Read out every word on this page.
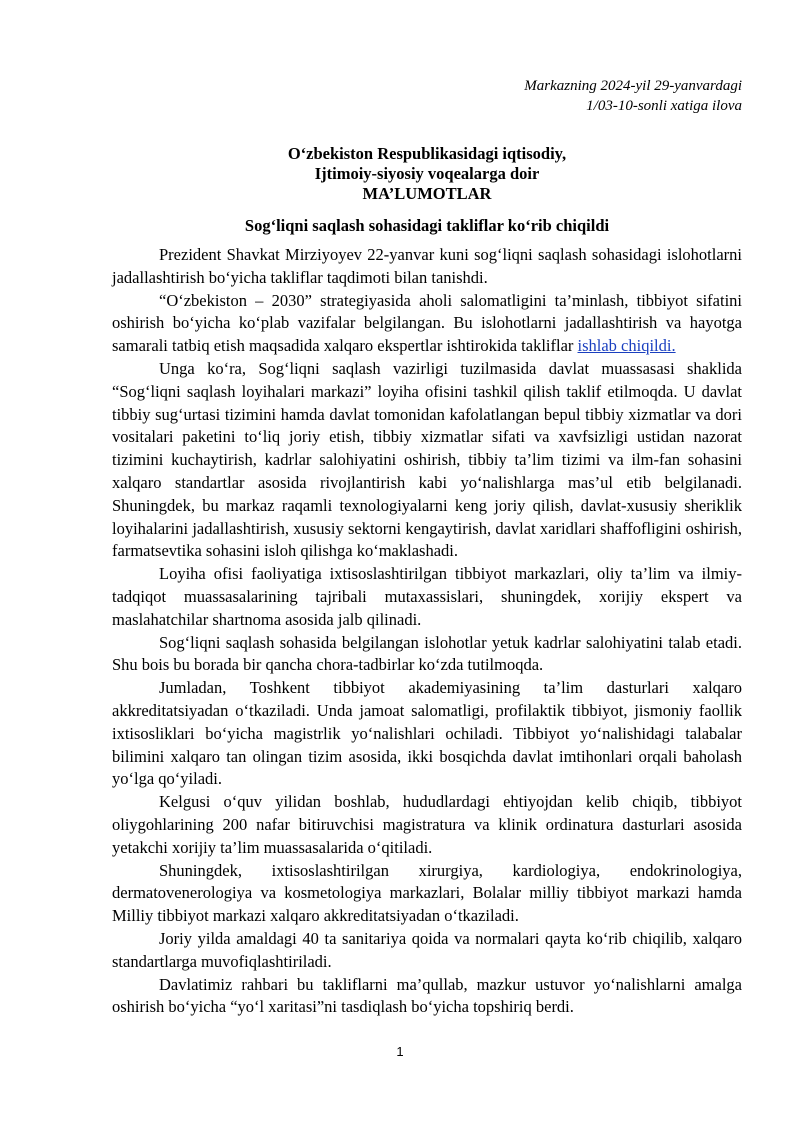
Markazning 2024-yil 29-yanvardagi
1/03-10-sonli xatiga ilova
O‘zbekiston Respublikasidagi iqtisodiy,
Ijtimoiy-siyosiy voqealarga doir
MA’LUMOTLAR
Sog‘liqni saqlash sohasidagi takliflar ko‘rib chiqildi

Prezident Shavkat Mirziyoyev 22-yanvar kuni sog‘liqni saqlash sohasidagi islohotlarni jadallashtirish bo‘yicha takliflar taqdimoti bilan tanishdi.

“O‘zbekiston – 2030” strategiyasida aholi salomatligini ta’minlash, tibbiyot sifatini oshirish bo‘yicha ko‘plab vazifalar belgilangan. Bu islohotlarni jadallashtirish va hayotga samarali tatbiq etish maqsadida xalqaro ekspertlar ishtirokida takliflar ishlab chiqildi.

Unga ko‘ra, Sog‘liqni saqlash vazirligi tuzilmasida davlat muassasasi shaklida “Sog‘liqni saqlash loyihalari markazi” loyiha ofisini tashkil qilish taklif etilmoqda. U davlat tibbiy sug‘urtasi tizimini hamda davlat tomonidan kafolatlangan bepul tibbiy xizmatlar va dori vositalari paketini to‘liq joriy etish, tibbiy xizmatlar sifati va xavfsizligi ustidan nazorat tizimini kuchaytirish, kadrlar salohiyatini oshirish, tibbiy ta’lim tizimi va ilm-fan sohasini xalqaro standartlar asosida rivojlantirish kabi yo‘nalishlarga mas’ul etib belgilanadi. Shuningdek, bu markaz raqamli texnologiyalarni keng joriy qilish, davlat-xususiy sheriklik loyihalarini jadallashtirish, xususiy sektorni kengaytirish, davlat xaridlari shaffofligini oshirish, farmatsevtika sohasini isloh qilishga ko‘maklashadi.

Loyiha ofisi faoliyatiga ixtisoslashtirilgan tibbiyot markazlari, oliy ta’lim va ilmiy-tadqiqot muassasalarining tajribali mutaxassislari, shuningdek, xorijiy ekspert va maslahatchilar shartnoma asosida jalb qilinadi.

Sog‘liqni saqlash sohasida belgilangan islohotlar yetuk kadrlar salohiyatini talab etadi. Shu bois bu borada bir qancha chora-tadbirlar ko‘zda tutilmoqda.

Jumladan, Toshkent tibbiyot akademiyasining ta’lim dasturlari xalqaro akkreditatsiyadan o‘tkaziladi. Unda jamoat salomatligi, profilaktik tibbiyot, jismoniy faollik ixtisosliklari bo‘yicha magistrlik yo‘nalishlari ochiladi. Tibbiyot yo‘nalishidagi talabalar bilimini xalqaro tan olingan tizim asosida, ikki bosqichda davlat imtihonlari orqali baholash yo‘lga qo‘yiladi.

Kelgusi o‘quv yilidan boshlab, hududlardagi ehtiyojdan kelib chiqib, tibbiyot oliygohlarining 200 nafar bitiruvchisi magistratura va klinik ordinatura dasturlari asosida yetakchi xorijiy ta’lim muassasalarida o‘qitiladi.

Shuningdek, ixtisoslashtirilgan xirurgiya, kardiologiya, endokrinologiya, dermatovenerologiya va kosmetologiya markazlari, Bolalar milliy tibbiyot markazi hamda Milliy tibbiyot markazi xalqaro akkreditatsiyadan o‘tkaziladi.

Joriy yilda amaldagi 40 ta sanitariya qoida va normalari qayta ko‘rib chiqilib, xalqaro standartlarga muvofiqlashtiriladi.

Davlatimiz rahbari bu takliflarni ma’qullab, mazkur ustuvor yo‘nalishlarni amalga oshirish bo‘yicha “yo‘l xaritasi”ni tasdiqlash bo‘yicha topshiriq berdi.

1
